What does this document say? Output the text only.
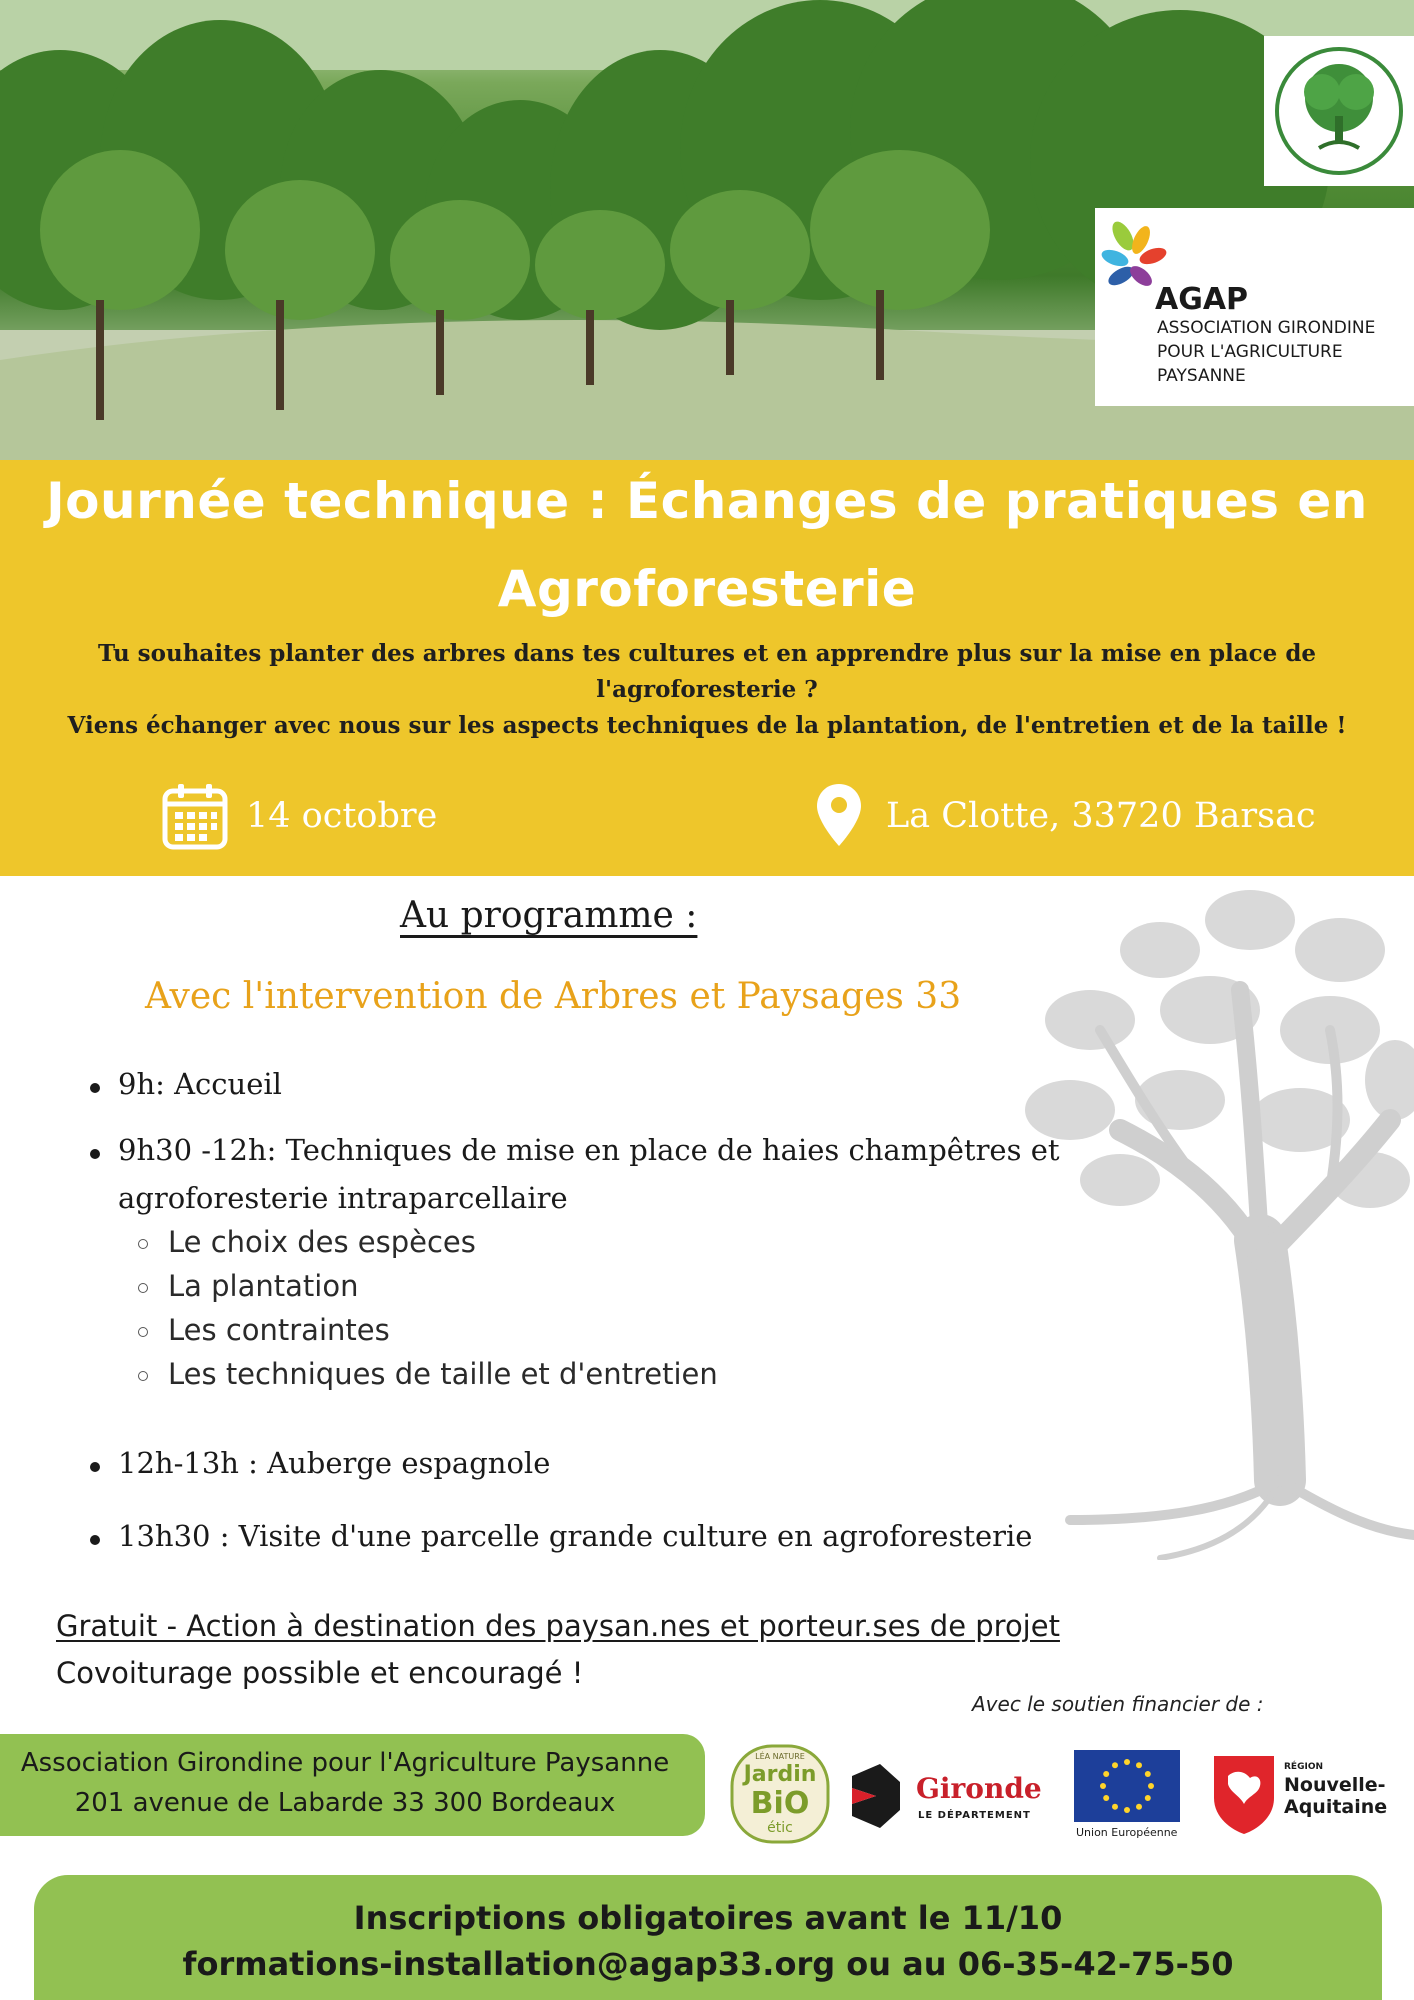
AGAP
ASSOCIATION GIRONDINE
POUR L'AGRICULTURE
PAYSANNE
Journée technique : Échanges de pratiques en
Agroforesterie
Tu souhaites planter des arbres dans tes cultures et en apprendre plus sur la mise en place de
l'agroforesterie ?
Viens échanger avec nous sur les aspects techniques de la plantation, de l'entretien et de la taille !
14 octobre	La Clotte, 33720 Barsac
Au programme :
Avec l'intervention de Arbres et Paysages 33
9h: Accueil
9h30 -12h: Techniques de mise en place de haies champêtres et
agroforesterie intraparcellaire
Le choix des espèces
La plantation
Les contraintes
Les techniques de taille et d'entretien
12h-13h : Auberge espagnole
13h30 : Visite d'une parcelle grande culture en agroforesterie
Gratuit - Action à destination des paysan.nes et porteur.ses de projet
Covoiturage possible et encouragé !
Avec le soutien financier de :
Association Girondine pour l'Agriculture Paysanne
201 avenue de Labarde 33 300 Bordeaux
LÉA NATURE
Jardin
BiO
étic
Gironde
LE DÉPARTEMENT
Union Européenne
RÉGION
Nouvelle-
Aquitaine
Inscriptions obligatoires avant le 11/10
formations-installation@agap33.org ou au 06-35-42-75-50
